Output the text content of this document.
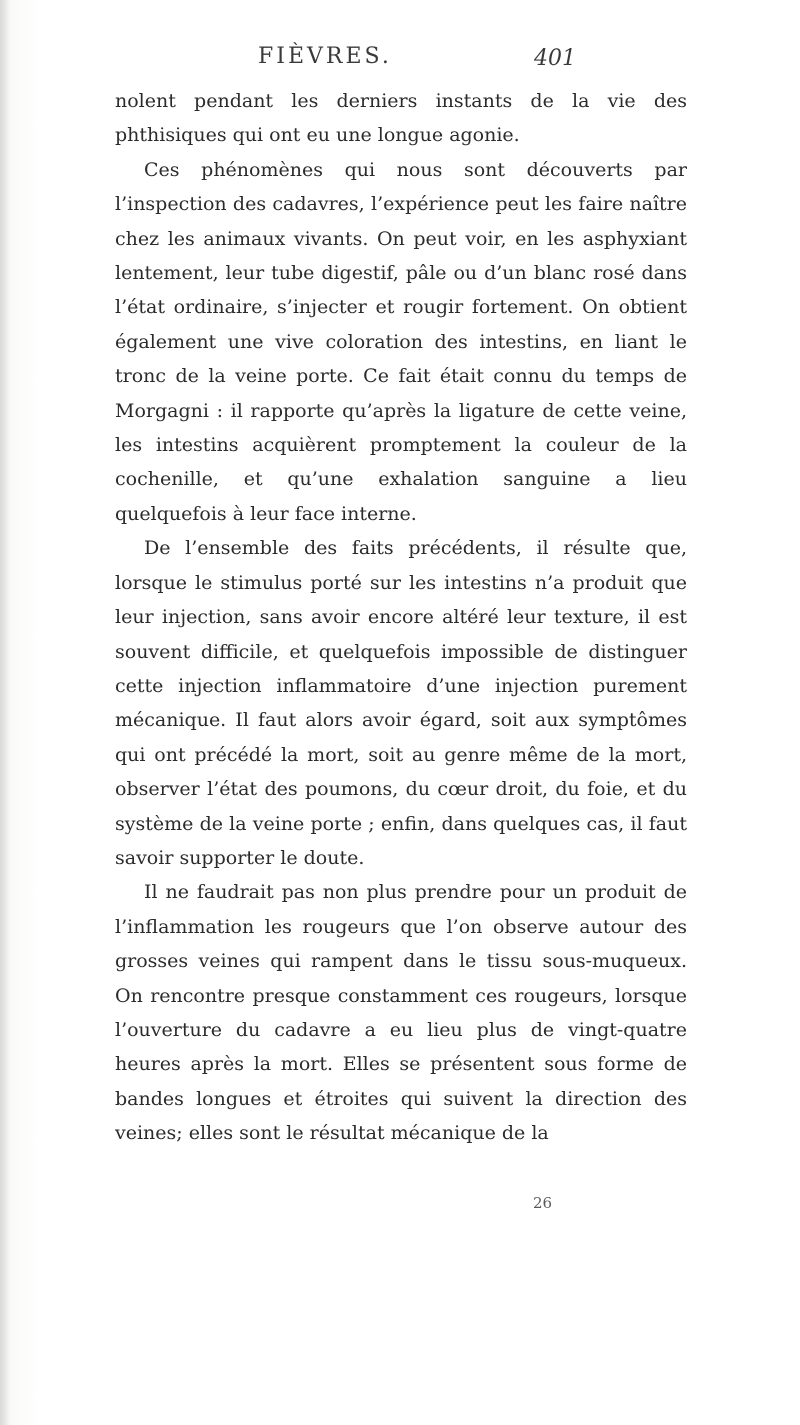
FIÈVRES.	401

nolent pendant les derniers instants de la vie des phthisiques qui ont eu une longue agonie.

Ces phénomènes qui nous sont découverts par l’inspection des cadavres, l’expérience peut les faire naître chez les animaux vivants. On peut voir, en les asphyxiant lentement, leur tube digestif, pâle ou d’un blanc rosé dans l’état ordinaire, s’injecter et rougir fortement. On obtient également une vive coloration des intestins, en liant le tronc de la veine porte. Ce fait était connu du temps de Morgagni : il rapporte qu’après la ligature de cette veine, les intestins acquièrent promptement la couleur de la cochenille, et qu’une exhalation sanguine a lieu quelquefois à leur face interne.

De l’ensemble des faits précédents, il résulte que, lorsque le stimulus porté sur les intestins n’a produit que leur injection, sans avoir encore altéré leur texture, il est souvent difficile, et quelquefois impossible de distinguer cette injection inflammatoire d’une injection purement mécanique. Il faut alors avoir égard, soit aux symptômes qui ont précédé la mort, soit au genre même de la mort, observer l’état des poumons, du cœur droit, du foie, et du système de la veine porte ; enfin, dans quelques cas, il faut savoir supporter le doute.

Il ne faudrait pas non plus prendre pour un produit de l’inflammation les rougeurs que l’on observe autour des grosses veines qui rampent dans le tissu sous-muqueux. On rencontre presque constamment ces rougeurs, lorsque l’ouverture du cadavre a eu lieu plus de vingt-quatre heures après la mort. Elles se présentent sous forme de bandes longues et étroites qui suivent la direction des veines; elles sont le résultat mécanique de la

26
